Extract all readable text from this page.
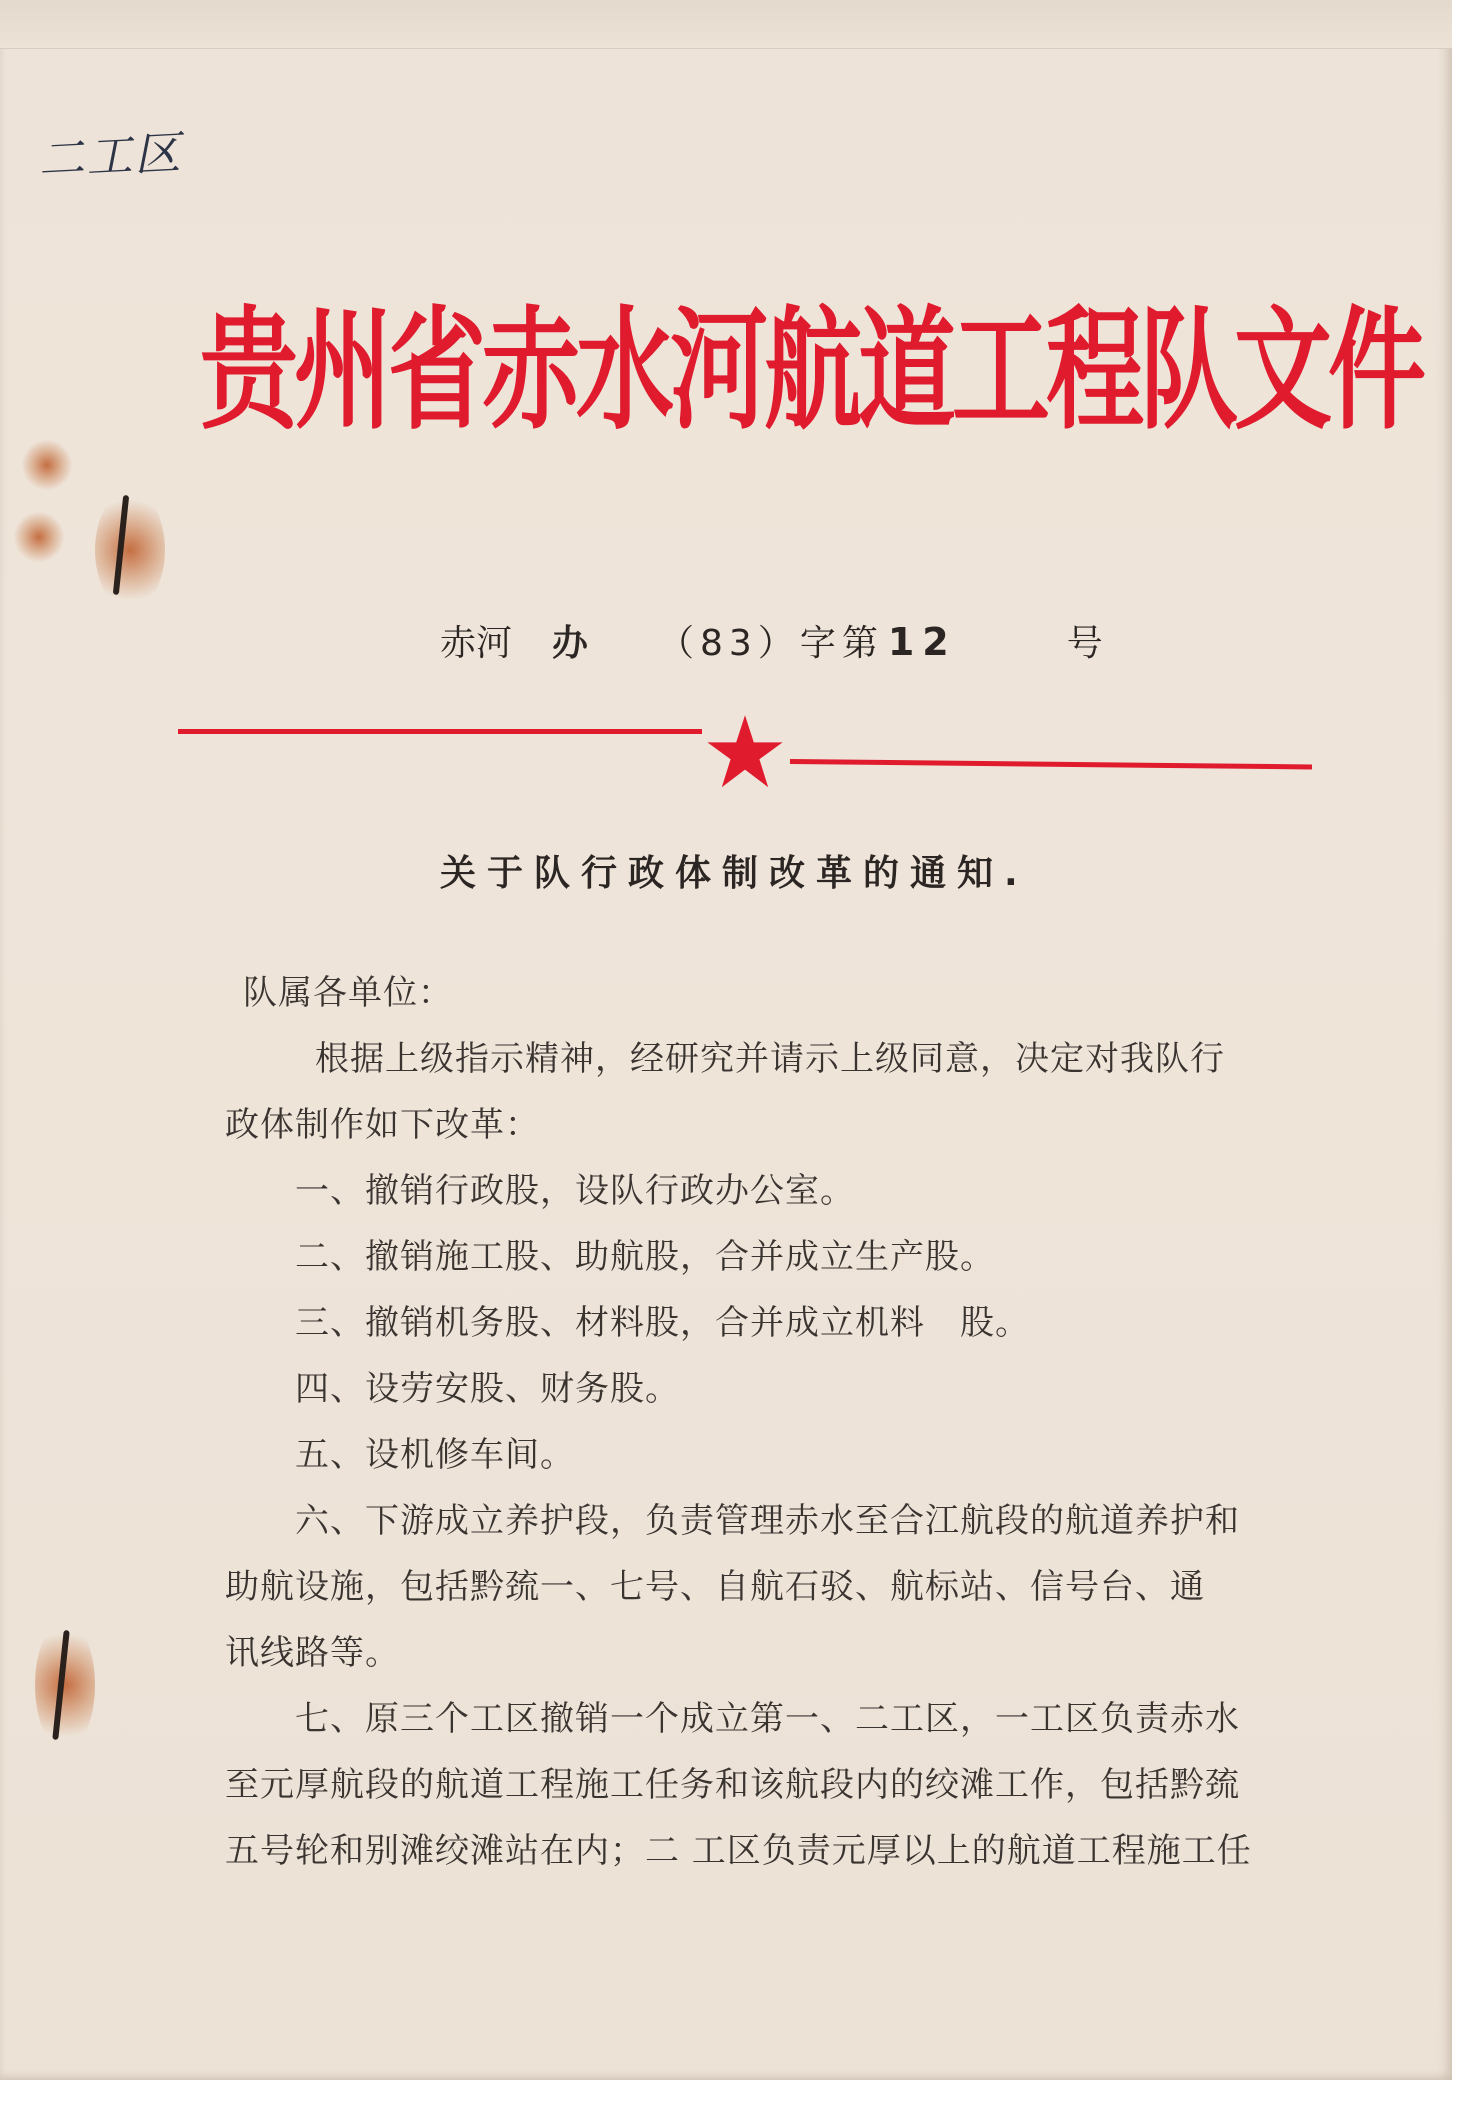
二工区
贵州省赤水河航道工程队文件
赤河 办 （83）字第 12	号
关于队行政体制改革的通知.

队属各单位：

根据上级指示精神，经研究并请示上级同意，决定对我队行

政体制作如下改革：

一、撤销行政股，设队行政办公室。

二、撤销施工股、助航股，合并成立生产股。

三、撤销机务股、材料股，合并成立机料　股。

四、设劳安股、财务股。

五、设机修车间。

六、下游成立养护段，负责管理赤水至合江航段的航道养护和

助航设施，包括黔巯一、七号、自航石驳、航标站、信号台、通

讯线路等。

七、原三个工区撤销一个成立第一、二工区，一工区负责赤水

至元厚航段的航道工程施工任务和该航段内的绞滩工作，包括黔巯

五号轮和别滩绞滩站在内；二 工区负责元厚以上的航道工程施工任
